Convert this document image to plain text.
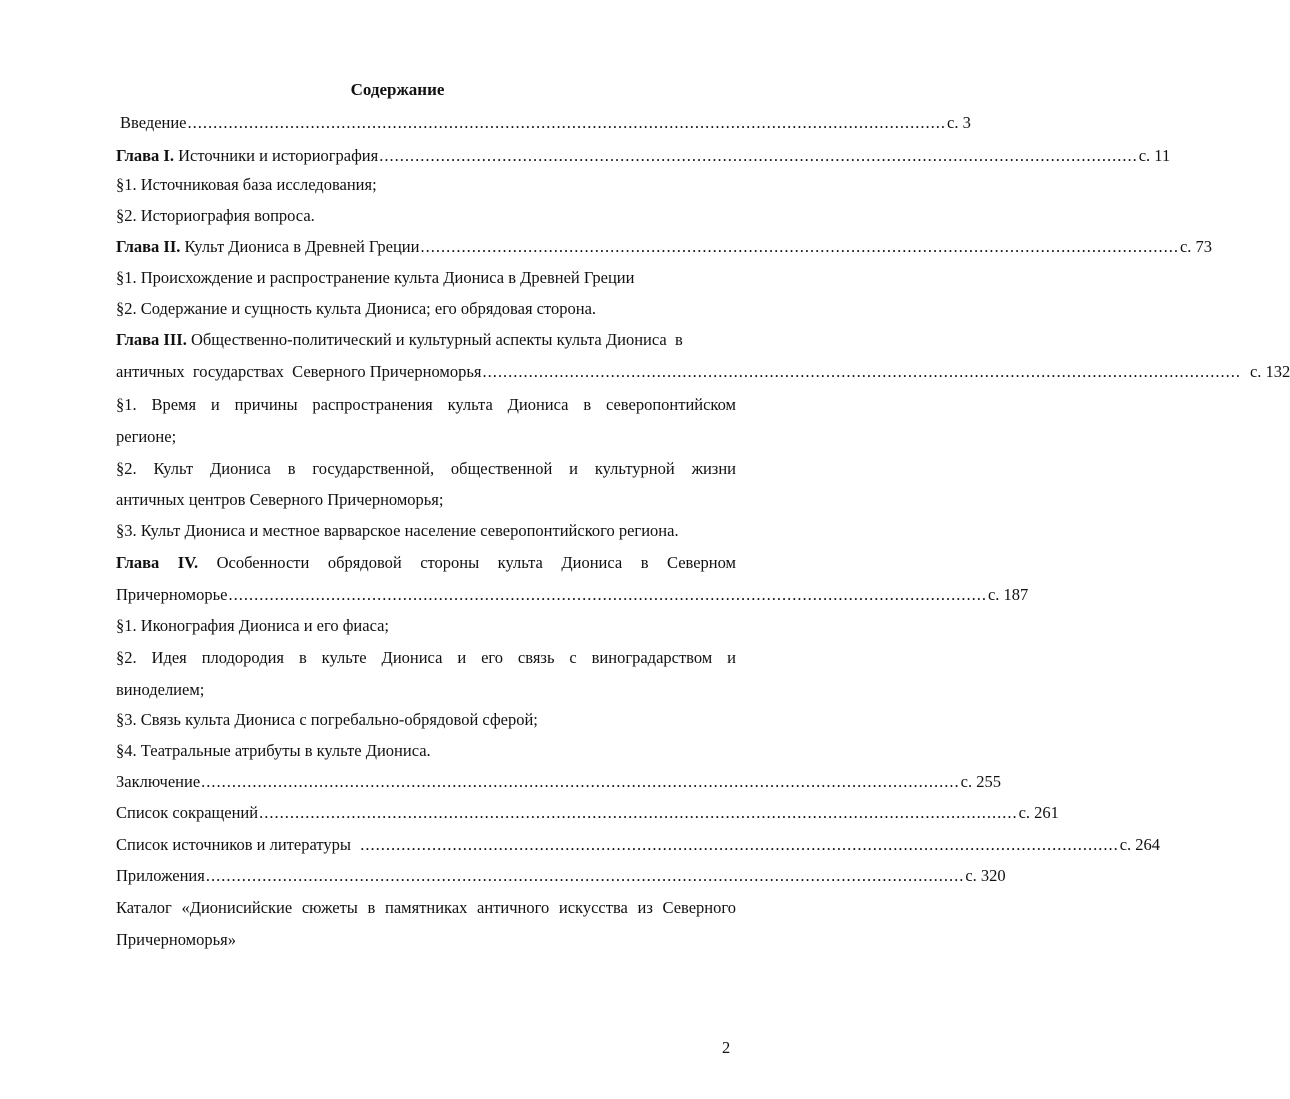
Содержание
Введение .................................................................................................................................................... с. 3
Глава I. Источники и историография .................................................................................................................................................... с. 11
§1. Источниковая база исследования;
§2. Историография вопроса.
Глава II. Культ Диониса в Древней Греции .................................................................................................................................................... с. 73
§1. Происхождение и распространение культа Диониса в Древней Греции
§2. Содержание и сущность культа Диониса; его обрядовая сторона.
Глава III. Общественно-политический и культурный аспекты культа Диониса  в
античных  государствах  Северного Причерноморья .................................................................................................................................................... с. 132
§1. Время и причины распространения культа Диониса в северопонтийском
регионе;
§2. Культ Диониса в государственной, общественной и культурной жизни
античных центров Северного Причерноморья;
§3. Культ Диониса и местное варварское население северопонтийского региона.
Глава IV. Особенности обрядовой стороны культа Диониса в Северном
Причерноморье .................................................................................................................................................... с. 187
§1. Иконография Диониса и его фиаса;
§2. Идея плодородия в культе Диониса и его связь с виноградарством и
виноделием;
§3. Связь культа Диониса с погребально-обрядовой сферой;
§4. Театральные атрибуты в культе Диониса.
Заключение .................................................................................................................................................... с. 255
Список сокращений .................................................................................................................................................... с. 261
Список источников и литературы .................................................................................................................................................... с. 264
Приложения .................................................................................................................................................... с. 320
Каталог «Дионисийские сюжеты в памятниках античного искусства из Северного
Причерноморья»
2
